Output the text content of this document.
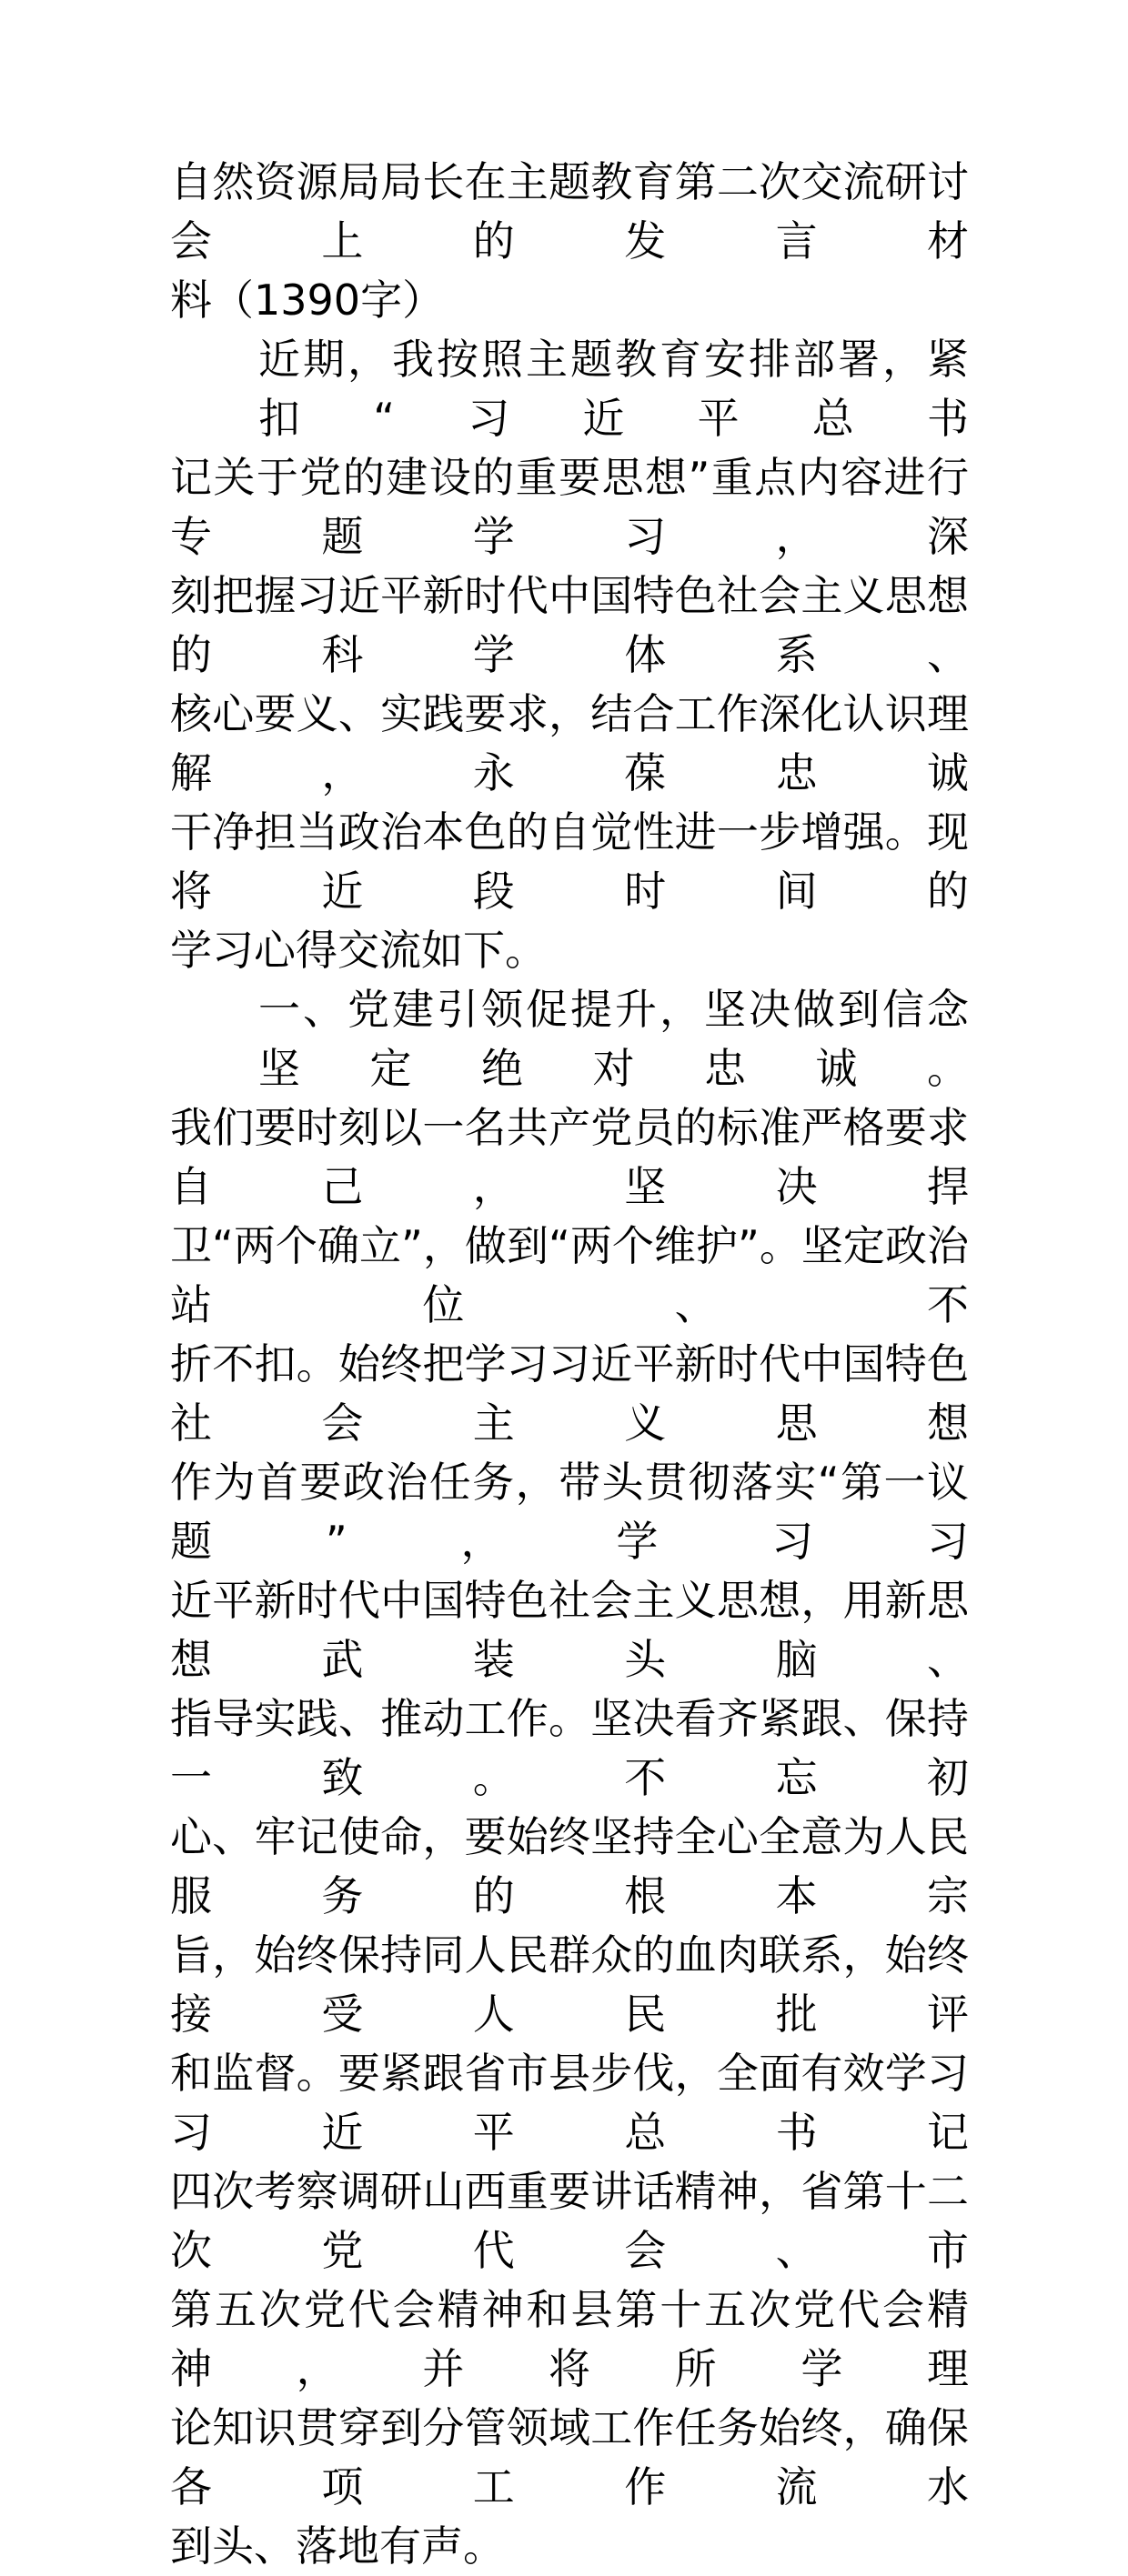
自然资源局局长在主题教育第二次交流研讨会上的发言材
料（1390字）
近期，我按照主题教育安排部署，紧扣“习近平总书
记关于党的建设的重要思想”重点内容进行专题学习，深
刻把握习近平新时代中国特色社会主义思想的科学体系、
核心要义、实践要求，结合工作深化认识理解，永葆忠诚
干净担当政治本色的自觉性进一步增强。现将近段时间的
学习心得交流如下。
一、党建引领促提升，坚决做到信念坚定绝对忠诚。
我们要时刻以一名共产党员的标准严格要求自己，坚决捍
卫“两个确立”，做到“两个维护”。坚定政治站位、不
折不扣。始终把学习习近平新时代中国特色社会主义思想
作为首要政治任务，带头贯彻落实“第一议题”，学习习
近平新时代中国特色社会主义思想，用新思想武装头脑、
指导实践、推动工作。坚决看齐紧跟、保持一致。不忘初
心、牢记使命，要始终坚持全心全意为人民服务的根本宗
旨，始终保持同人民群众的血肉联系，始终接受人民批评
和监督。要紧跟省市县步伐，全面有效学习习近平总书记
四次考察调研山西重要讲话精神，省第十二次党代会、市
第五次党代会精神和县第十五次党代会精神，并将所学理
论知识贯穿到分管领域工作任务始终，确保各项工作流水
到头、落地有声。
